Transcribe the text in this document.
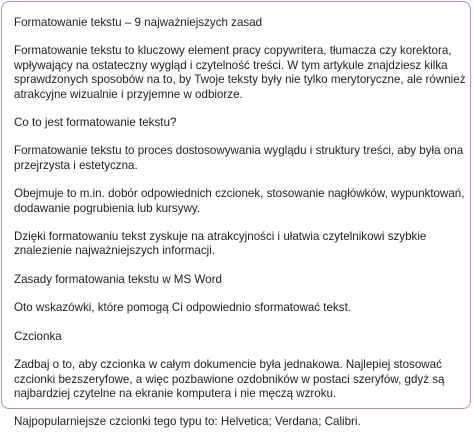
Formatowanie tekstu – 9 najważniejszych zasad

Formatowanie tekstu to kluczowy element pracy copywritera, tłumacza czy korektora, wpływający na ostateczny wygląd i czytelność treści. W tym artykule znajdziesz kilka sprawdzonych sposobów na to, by Twoje teksty były nie tylko merytoryczne, ale również atrakcyjne wizualnie i przyjemne w odbiorze.

Co to jest formatowanie tekstu?

Formatowanie tekstu to proces dostosowywania wyglądu i struktury treści, aby była ona przejrzysta i estetyczna.

Obejmuje to m.in. dobór odpowiednich czcionek, stosowanie nagłówków, wypunktowań, dodawanie pogrubienia lub kursywy.

Dzięki formatowaniu tekst zyskuje na atrakcyjności i ułatwia czytelnikowi szybkie znalezienie najważniejszych informacji.

Zasady formatowania tekstu w MS Word

Oto wskazówki, które pomogą Ci odpowiednio sformatować tekst.

Czcionka

Zadbaj o to, aby czcionka w całym dokumencie była jednakowa. Najlepiej stosować czcionki bezszeryfowe, a więc pozbawione ozdobników w postaci szeryfów, gdyż są najbardziej czytelne na ekranie komputera i nie męczą wzroku.

Najpopularniejsze czcionki tego typu to: Helvetica; Verdana; Calibri.
